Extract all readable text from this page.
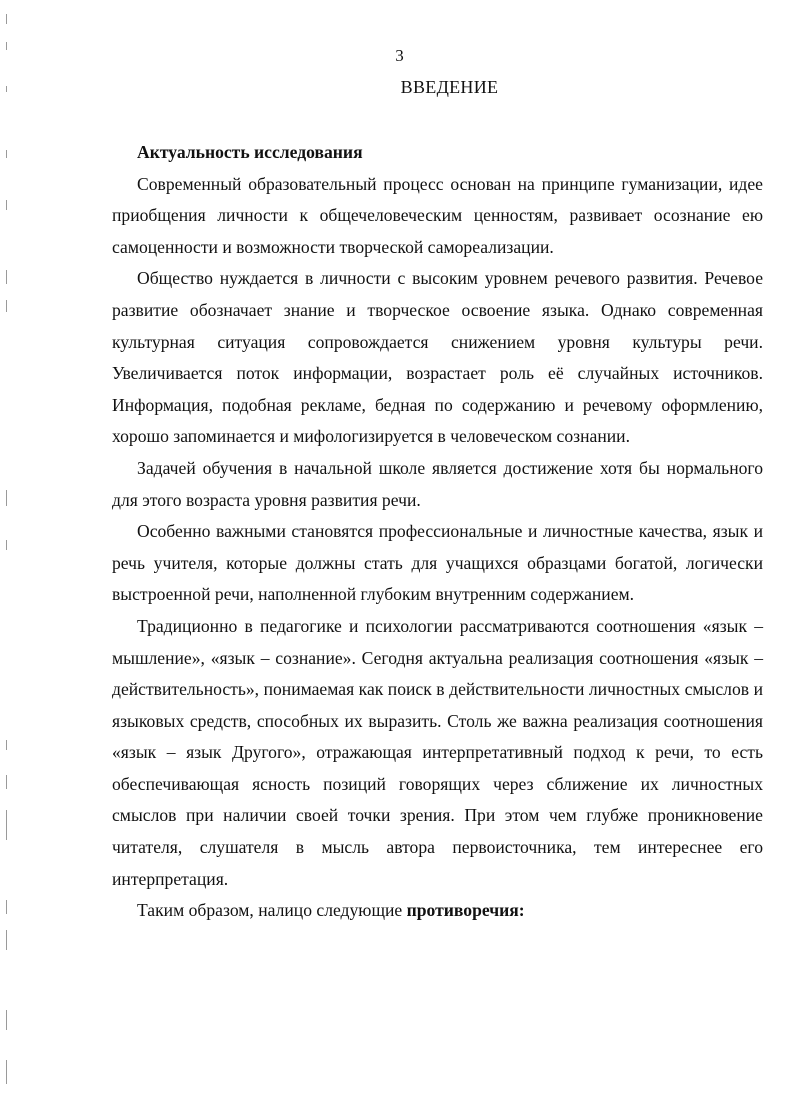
3
ВВЕДЕНИЕ
Актуальность исследования

Современный образовательный процесс основан на принципе гуманизации, идее приобщения личности к общечеловеческим ценностям, развивает осознание ею самоценности и возможности творческой самореализации.

Общество нуждается в личности с высоким уровнем речевого развития. Речевое развитие обозначает знание и творческое освоение языка. Однако современная культурная ситуация сопровождается снижением уровня культуры речи. Увеличивается поток информации, возрастает роль её случайных источников. Информация, подобная рекламе, бедная по содержанию и речевому оформлению, хорошо запоминается и мифологизируется в человеческом сознании.

Задачей обучения в начальной школе является достижение хотя бы нормального для этого возраста уровня развития речи.

Особенно важными становятся профессиональные и личностные качества, язык и речь учителя, которые должны стать для учащихся образцами богатой, логически выстроенной речи, наполненной глубоким внутренним содержанием.

Традиционно в педагогике и психологии рассматриваются соотношения «язык – мышление», «язык – сознание». Сегодня актуальна реализация соотношения «язык – действительность», понимаемая как поиск в действительности личностных смыслов и языковых средств, способных их выразить. Столь же важна реализация соотношения «язык – язык Другого», отражающая интерпретативный подход к речи, то есть обеспечивающая ясность позиций говорящих через сближение их личностных смыслов при наличии своей точки зрения. При этом чем глубже проникновение читателя, слушателя в мысль автора первоисточника, тем интереснее его интерпретация.

Таким образом, налицо следующие противоречия:
